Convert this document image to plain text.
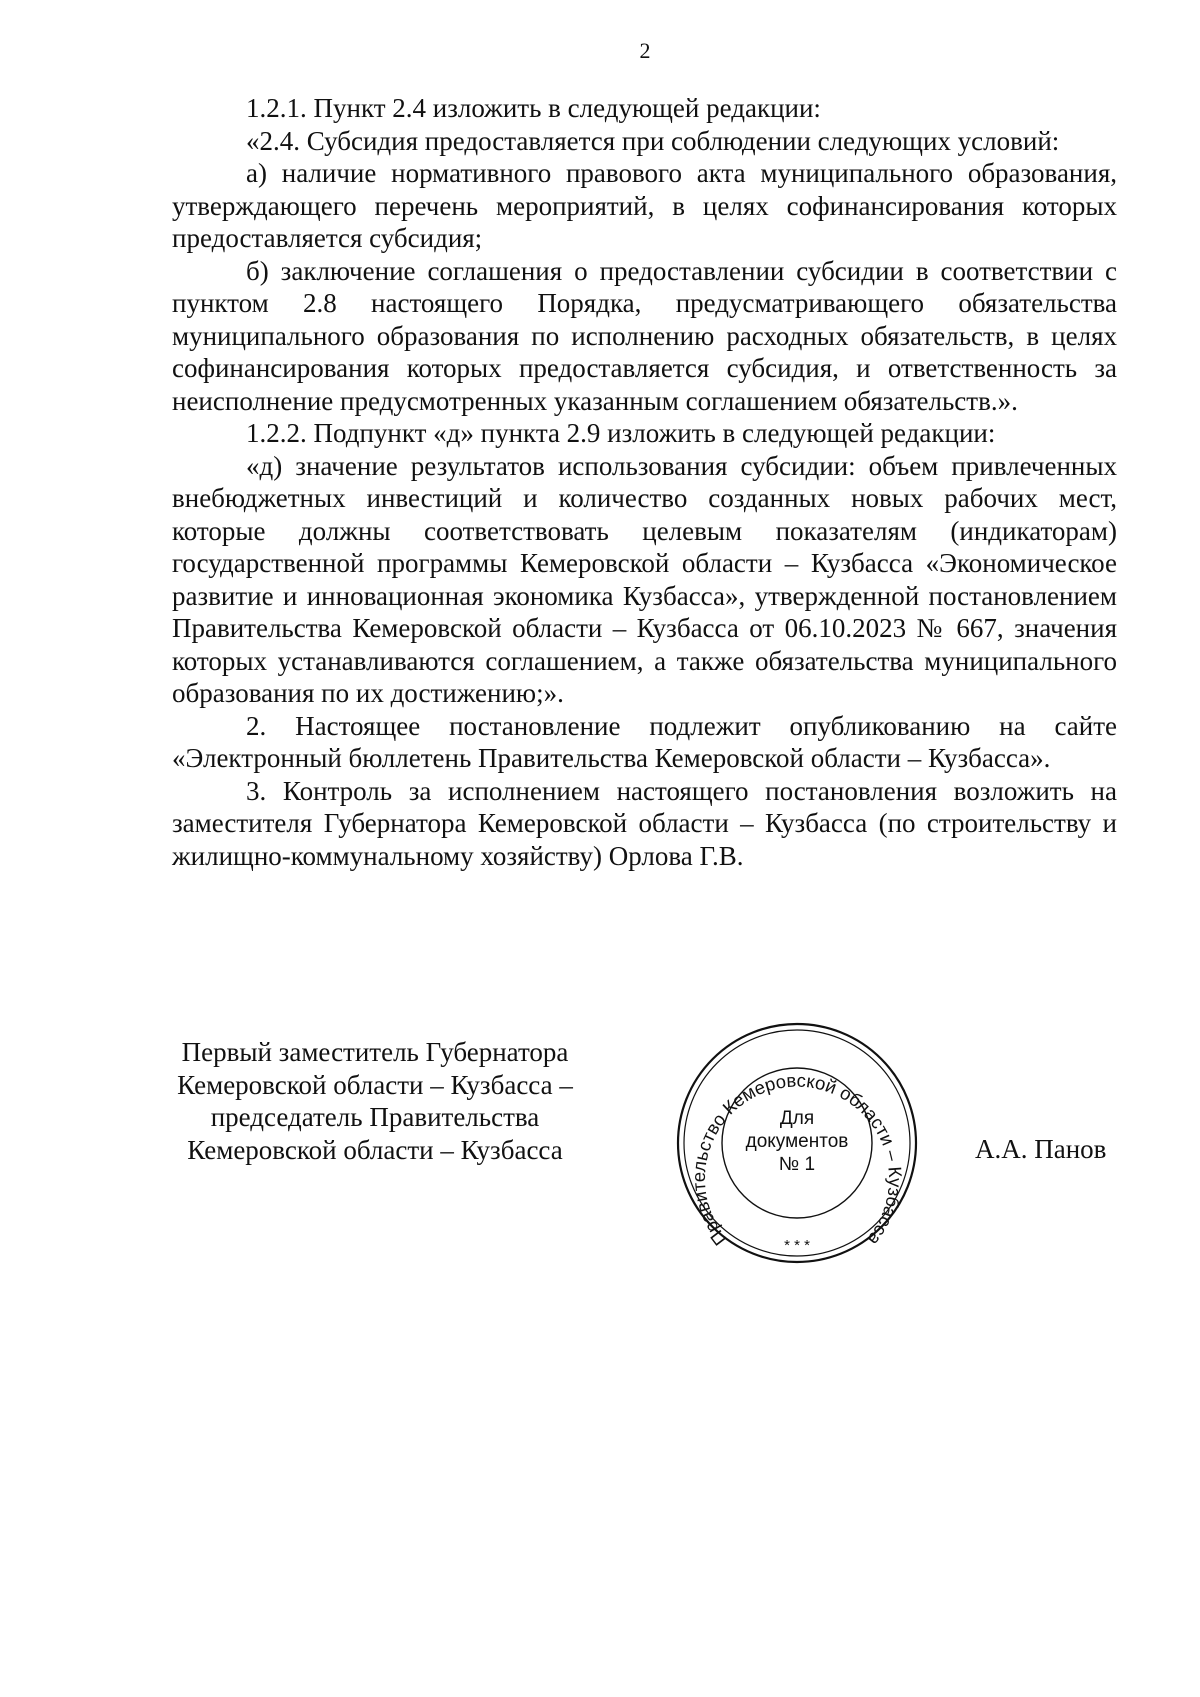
2

1.2.1. Пункт 2.4 изложить в следующей редакции:

«2.4. Субсидия предоставляется при соблюдении следующих условий:

а) наличие нормативного правового акта муниципального образования, утверждающего перечень мероприятий, в целях софинансирования которых предоставляется субсидия;

б) заключение соглашения о предоставлении субсидии в соответствии с пунктом 2.8 настоящего Порядка, предусматривающего обязательства муниципального образования по исполнению расходных обязательств, в целях софинансирования которых предоставляется субсидия, и ответственность за неисполнение предусмотренных указанным соглашением обязательств.».

1.2.2. Подпункт «д» пункта 2.9 изложить в следующей редакции:

«д) значение результатов использования субсидии: объем привлеченных внебюджетных инвестиций и количество созданных новых рабочих мест, которые должны соответствовать целевым показателям (индикаторам) государственной программы Кемеровской области – Кузбасса «Экономическое развитие и инновационная экономика Кузбасса», утвержденной постановлением Правительства Кемеровской области – Кузбасса от 06.10.2023 № 667, значения которых устанавливаются соглашением, а также обязательства муниципального образования по их достижению;».

2. Настоящее постановление подлежит опубликованию на сайте «Электронный бюллетень Правительства Кемеровской области – Кузбасса».

3. Контроль за исполнением настоящего постановления возложить на заместителя Губернатора Кемеровской области – Кузбасса (по строительству и жилищно-коммунальному хозяйству) Орлова Г.В.

Первый заместитель Губернатора
Кемеровской области – Кузбасса –
председатель Правительства
Кемеровской области – Кузбасса	А.А. Панов
Правительство Кемеровской области – Кузбасса
Для
документов
№ 1
* * *
